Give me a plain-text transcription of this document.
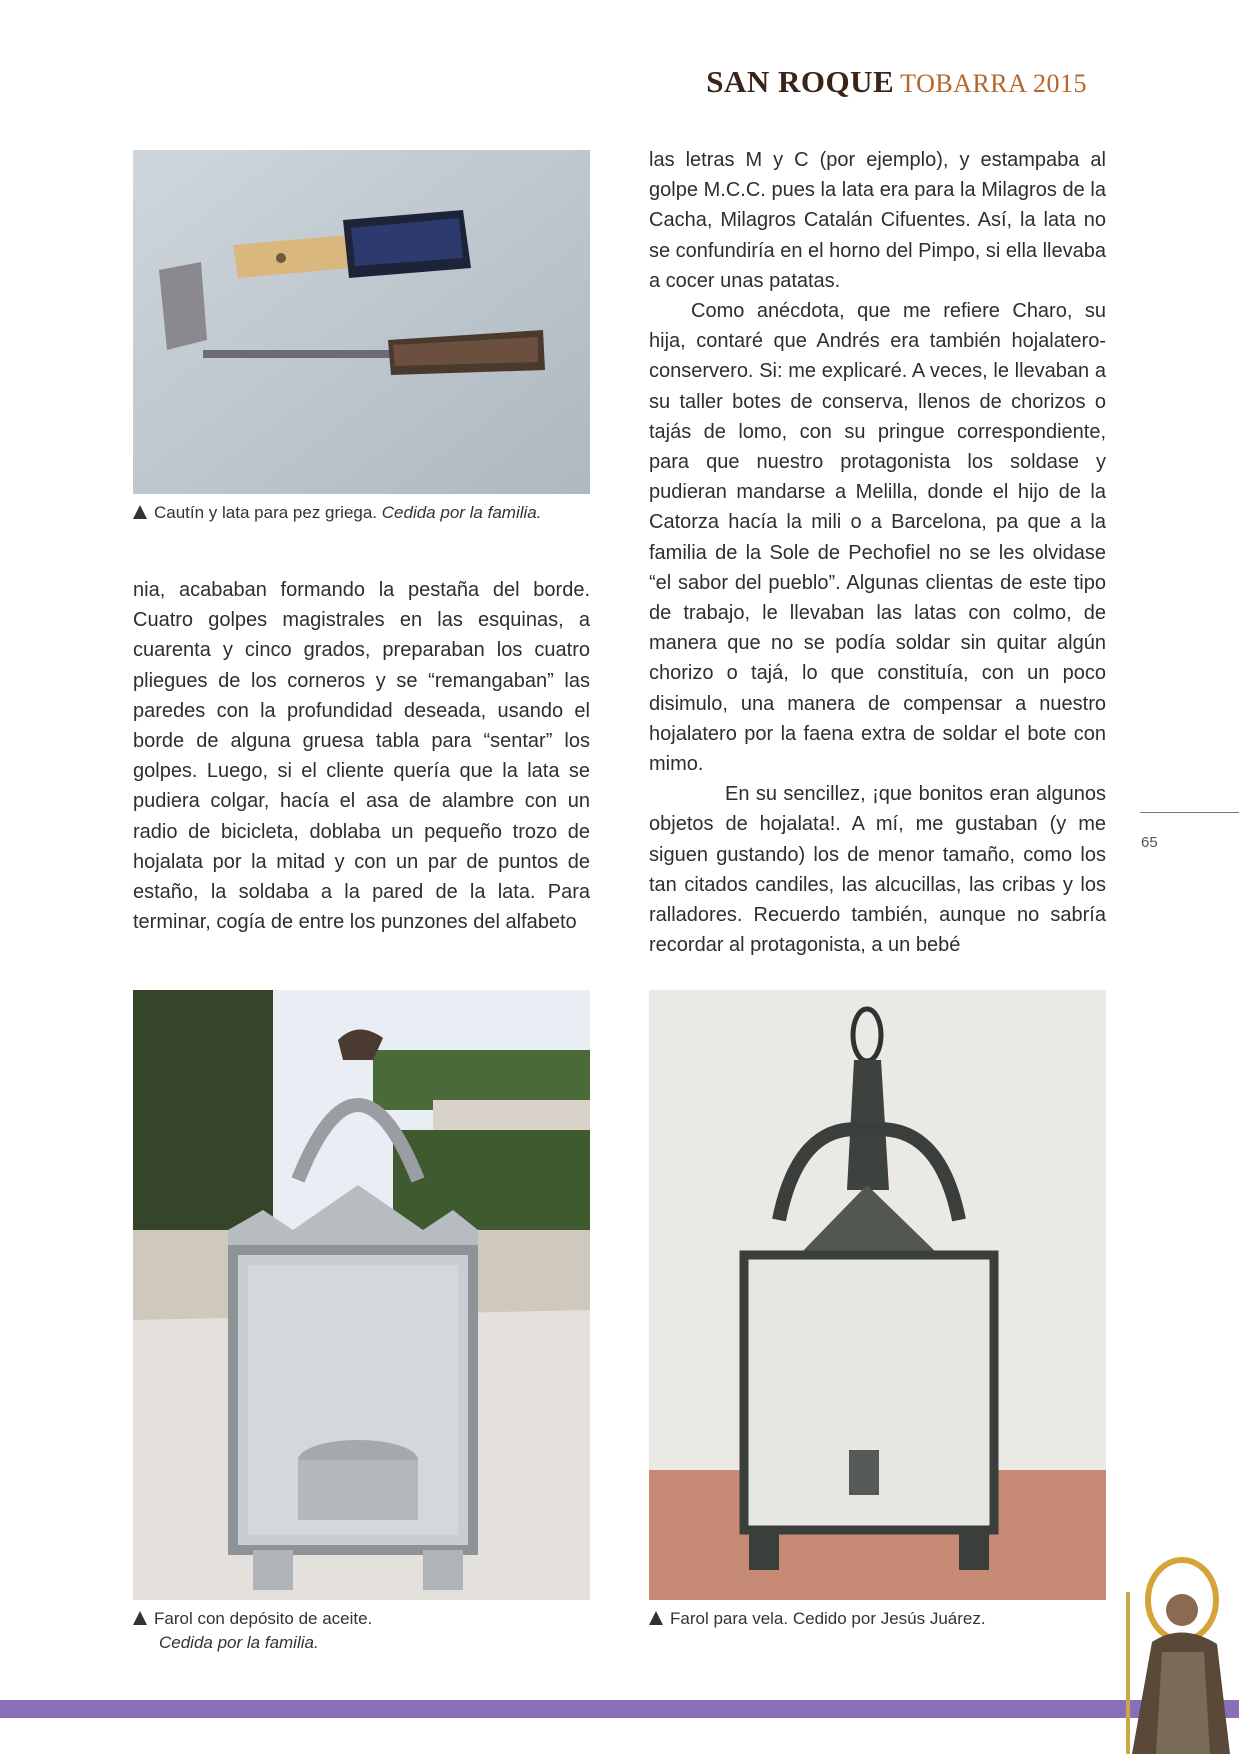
SAN ROQUE TOBARRA 2015
Cautín y lata para pez griega. Cedida por la familia.

nia, acababan formando la pestaña del borde. Cuatro golpes magistrales en las esquinas, a cuarenta y cinco grados, preparaban los cuatro pliegues de los corneros y se “remangaban” las paredes con la profundidad deseada, usando el borde de alguna gruesa tabla para “sentar” los golpes. Luego, si el cliente quería que la lata se pudiera colgar, hacía el asa de alambre con un radio de bicicleta, doblaba un pequeño trozo de hojalata por la mitad y con un par de puntos de estaño, la soldaba a la pared de la lata. Para terminar, cogía de entre los punzones del alfabeto

las letras M y C (por ejemplo), y estampaba al golpe M.C.C. pues la lata era para la Milagros de la Cacha, Milagros Catalán Cifuentes. Así, la lata no se confundiría en el horno del Pimpo, si ella llevaba a cocer unas patatas.

Como anécdota, que me refiere Charo, su hija, contaré que Andrés era también hojalatero-conservero. Si: me explicaré. A veces, le llevaban a su taller botes de conserva, llenos de chorizos o tajás de lomo, con su pringue correspondiente, para que nuestro protagonista los soldase y pudieran mandarse a Melilla, donde el hijo de la Catorza hacía la mili o a Barcelona, pa que a la familia de la Sole de Pechofiel no se les olvidase “el sabor del pueblo”. Algunas clientas de este tipo de trabajo, le llevaban las latas con colmo, de manera que no se podía soldar sin quitar algún chorizo o tajá, lo que constituía, con un poco disimulo, una manera de compensar a nuestro hojalatero por la faena extra de soldar el bote con mimo.

En su sencillez, ¡que bonitos eran algunos objetos de hojalata!. A mí, me gustaban (y me siguen gustando) los de menor tamaño, como los tan citados candiles, las alcucillas, las cribas y los ralladores. Recuerdo también, aunque no sabría recordar al protagonista, a un bebé

65
Farol con depósito de aceite.
Cedida por la familia.
Farol para vela. Cedido por Jesús Juárez.
